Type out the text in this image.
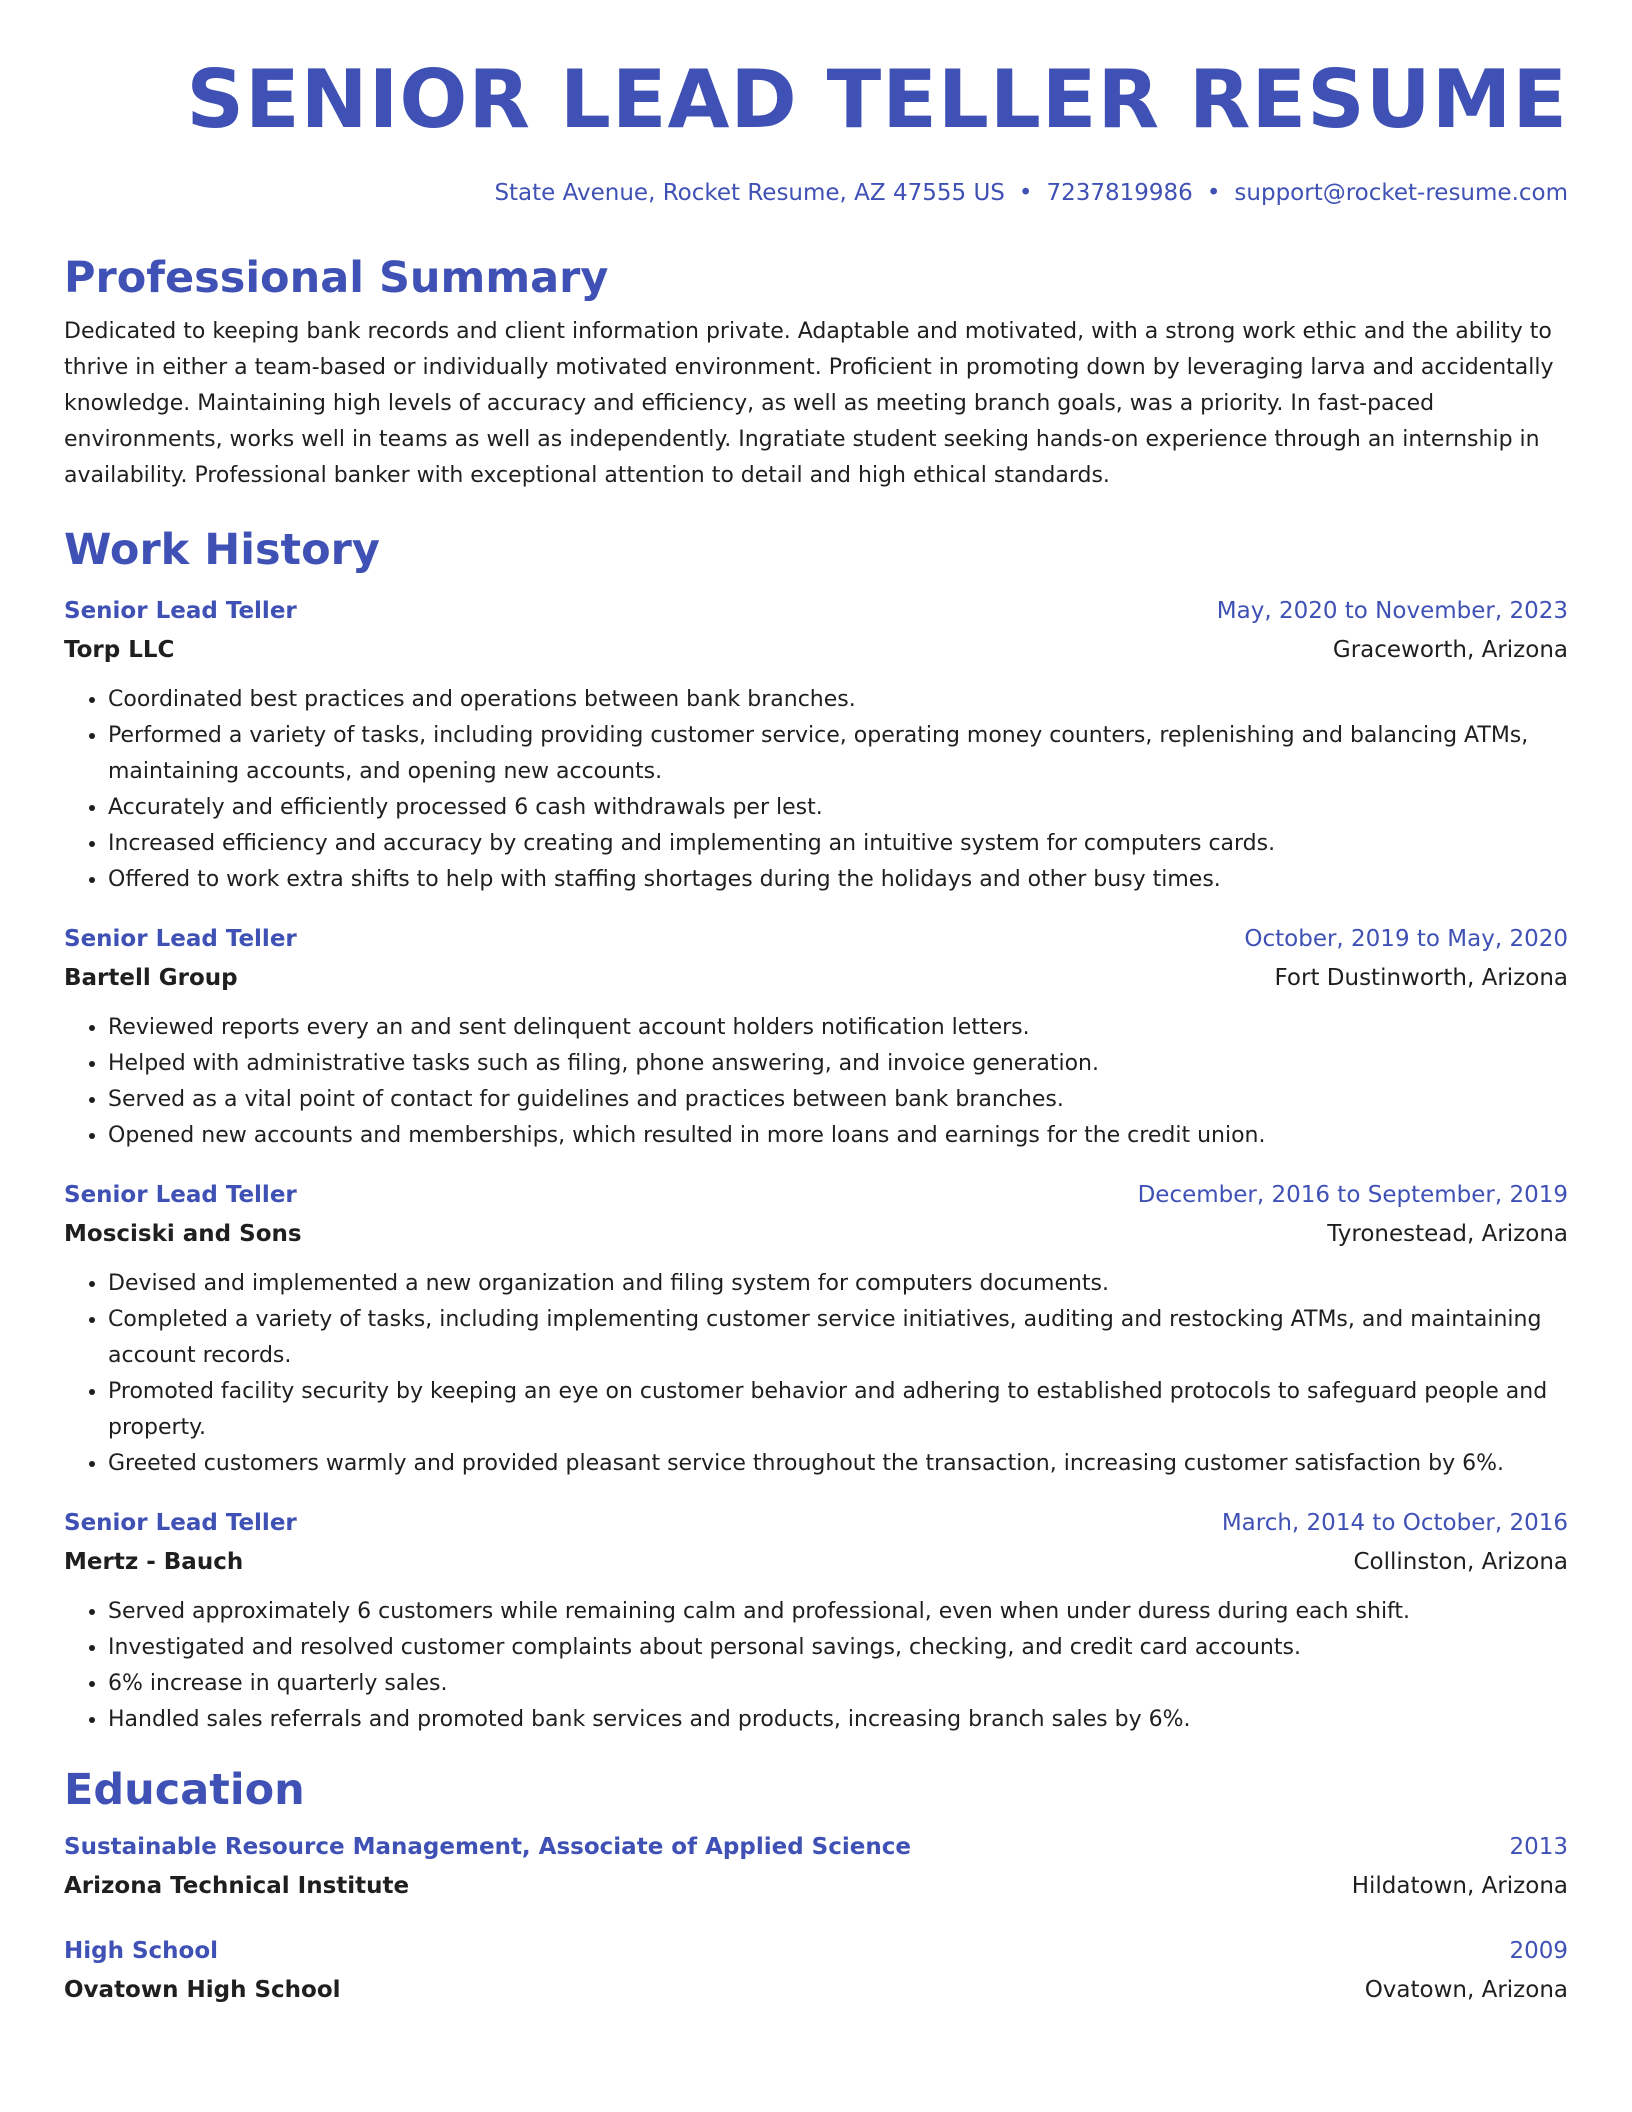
SENIOR LEAD TELLER RESUME
State Avenue, Rocket Resume, AZ 47555 US • 7237819986 • support@rocket-resume.com
Professional Summary
Dedicated to keeping bank records and client information private. Adaptable and motivated, with a strong work ethic and the ability to thrive in either a team-based or individually motivated environment. Proficient in promoting down by leveraging larva and accidentally knowledge. Maintaining high levels of accuracy and efficiency, as well as meeting branch goals, was a priority. In fast-paced environments, works well in teams as well as independently. Ingratiate student seeking hands-on experience through an internship in availability. Professional banker with exceptional attention to detail and high ethical standards.
Work History
Senior Lead Teller	May, 2020 to November, 2023
Torp LLC	Graceworth, Arizona
• Coordinated best practices and operations between bank branches.
• Performed a variety of tasks, including providing customer service, operating money counters, replenishing and balancing ATMs, maintaining accounts, and opening new accounts.
• Accurately and efficiently processed 6 cash withdrawals per lest.
• Increased efficiency and accuracy by creating and implementing an intuitive system for computers cards.
• Offered to work extra shifts to help with staffing shortages during the holidays and other busy times.
Senior Lead Teller	October, 2019 to May, 2020
Bartell Group	Fort Dustinworth, Arizona
• Reviewed reports every an and sent delinquent account holders notification letters.
• Helped with administrative tasks such as filing, phone answering, and invoice generation.
• Served as a vital point of contact for guidelines and practices between bank branches.
• Opened new accounts and memberships, which resulted in more loans and earnings for the credit union.
Senior Lead Teller	December, 2016 to September, 2019
Mosciski and Sons	Tyronestead, Arizona
• Devised and implemented a new organization and filing system for computers documents.
• Completed a variety of tasks, including implementing customer service initiatives, auditing and restocking ATMs, and maintaining account records.
• Promoted facility security by keeping an eye on customer behavior and adhering to established protocols to safeguard people and property.
• Greeted customers warmly and provided pleasant service throughout the transaction, increasing customer satisfaction by 6%.
Senior Lead Teller	March, 2014 to October, 2016
Mertz - Bauch	Collinston, Arizona
• Served approximately 6 customers while remaining calm and professional, even when under duress during each shift.
• Investigated and resolved customer complaints about personal savings, checking, and credit card accounts.
• 6% increase in quarterly sales.
• Handled sales referrals and promoted bank services and products, increasing branch sales by 6%.
Education
Sustainable Resource Management, Associate of Applied Science	2013
Arizona Technical Institute	Hildatown, Arizona
High School	2009
Ovatown High School	Ovatown, Arizona
